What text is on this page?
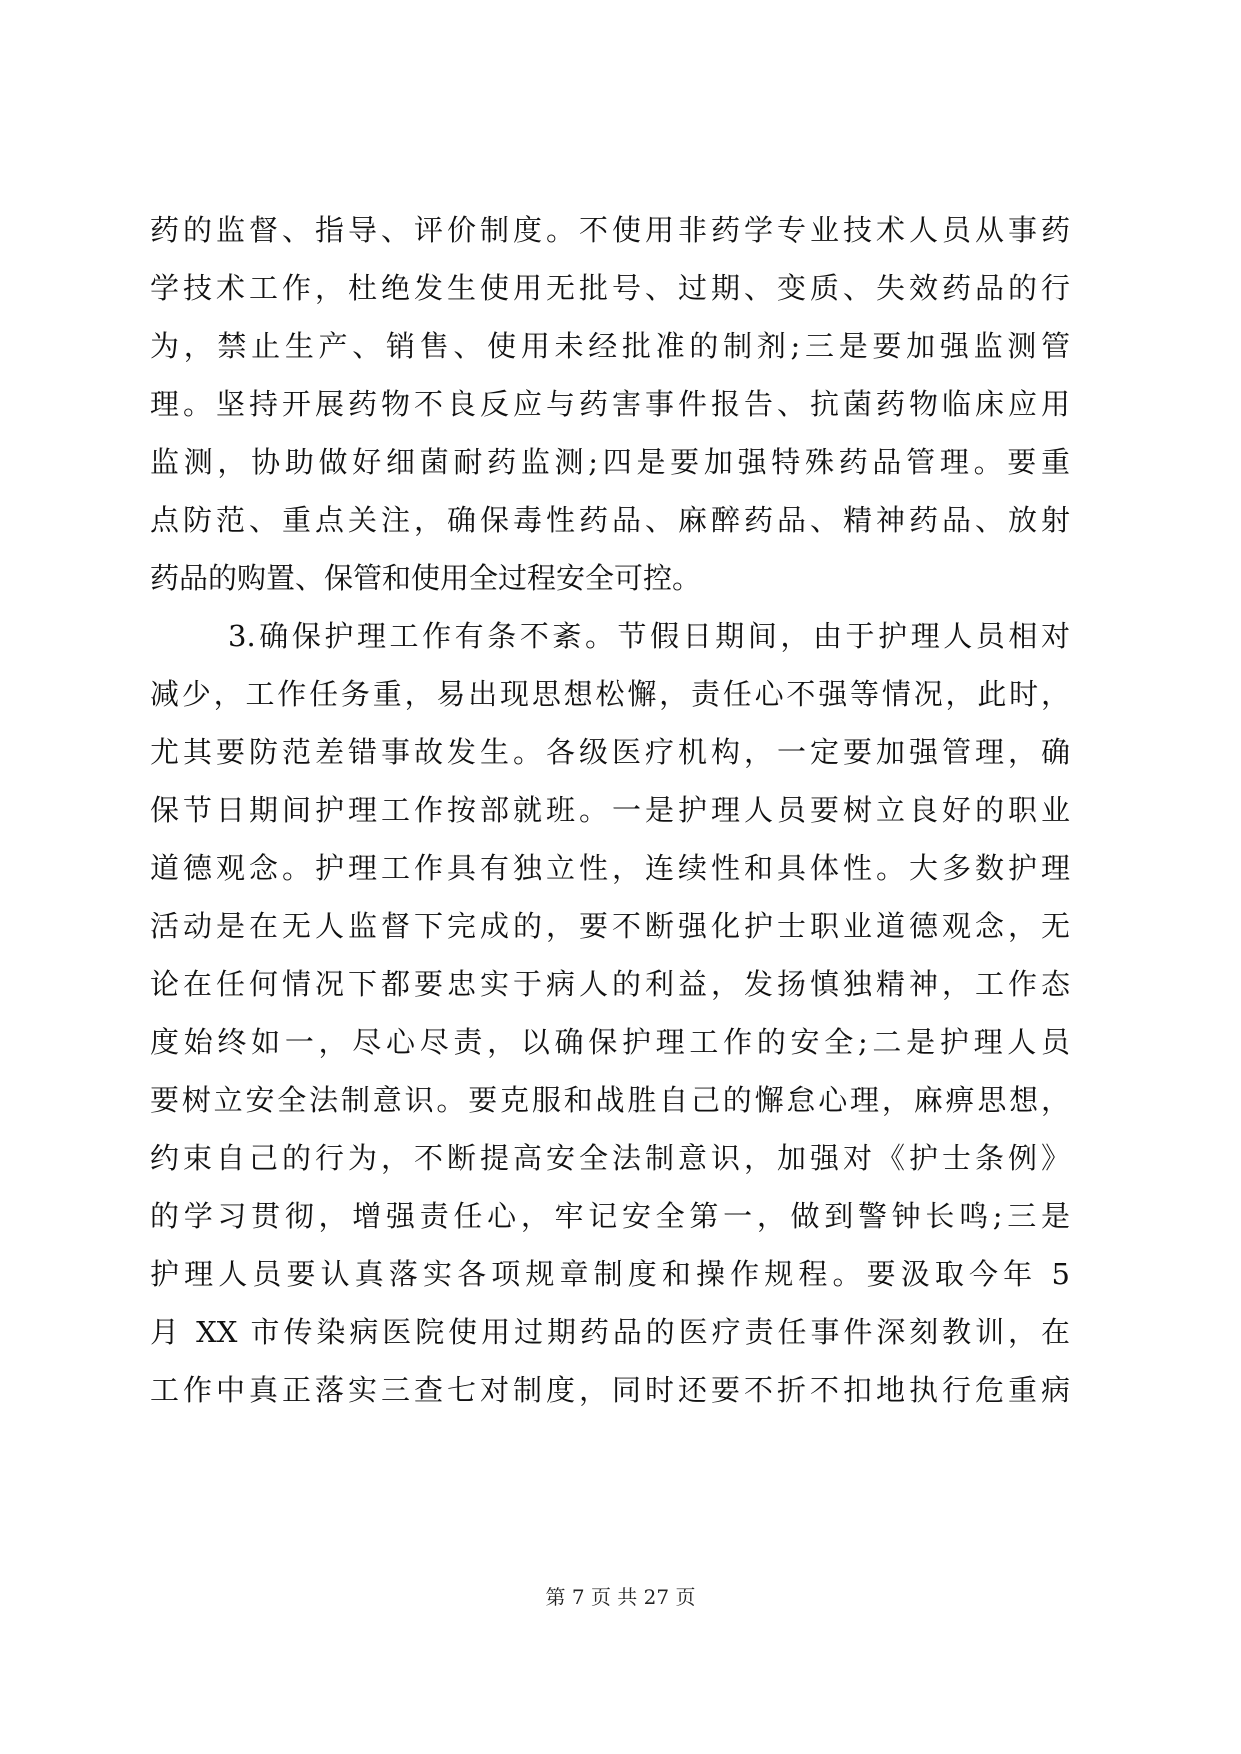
药的监督、指导、评价制度。不使用非药学专业技术人员从事药
学技术工作，杜绝发生使用无批号、过期、变质、失效药品的行
为，禁止生产、销售、使用未经批准的制剂;三是要加强监测管
理。坚持开展药物不良反应与药害事件报告、抗菌药物临床应用
监测，协助做好细菌耐药监测;四是要加强特殊药品管理。要重
点防范、重点关注，确保毒性药品、麻醉药品、精神药品、放射
药品的购置、保管和使用全过程安全可控。
3.确保护理工作有条不紊。节假日期间，由于护理人员相对
减少，工作任务重，易出现思想松懈，责任心不强等情况，此时，
尤其要防范差错事故发生。各级医疗机构，一定要加强管理，确
保节日期间护理工作按部就班。一是护理人员要树立良好的职业
道德观念。护理工作具有独立性，连续性和具体性。大多数护理
活动是在无人监督下完成的，要不断强化护士职业道德观念，无
论在任何情况下都要忠实于病人的利益，发扬慎独精神，工作态
度始终如一，尽心尽责，以确保护理工作的安全;二是护理人员
要树立安全法制意识。要克服和战胜自己的懈怠心理，麻痹思想，
约束自己的行为，不断提高安全法制意识，加强对《护士条例》
的学习贯彻，增强责任心，牢记安全第一，做到警钟长鸣;三是
护理人员要认真落实各项规章制度和操作规程。要汲取今年 5
月 XX 市传染病医院使用过期药品的医疗责任事件深刻教训，在
工作中真正落实三查七对制度，同时还要不折不扣地执行危重病
第 7 页 共 27 页
